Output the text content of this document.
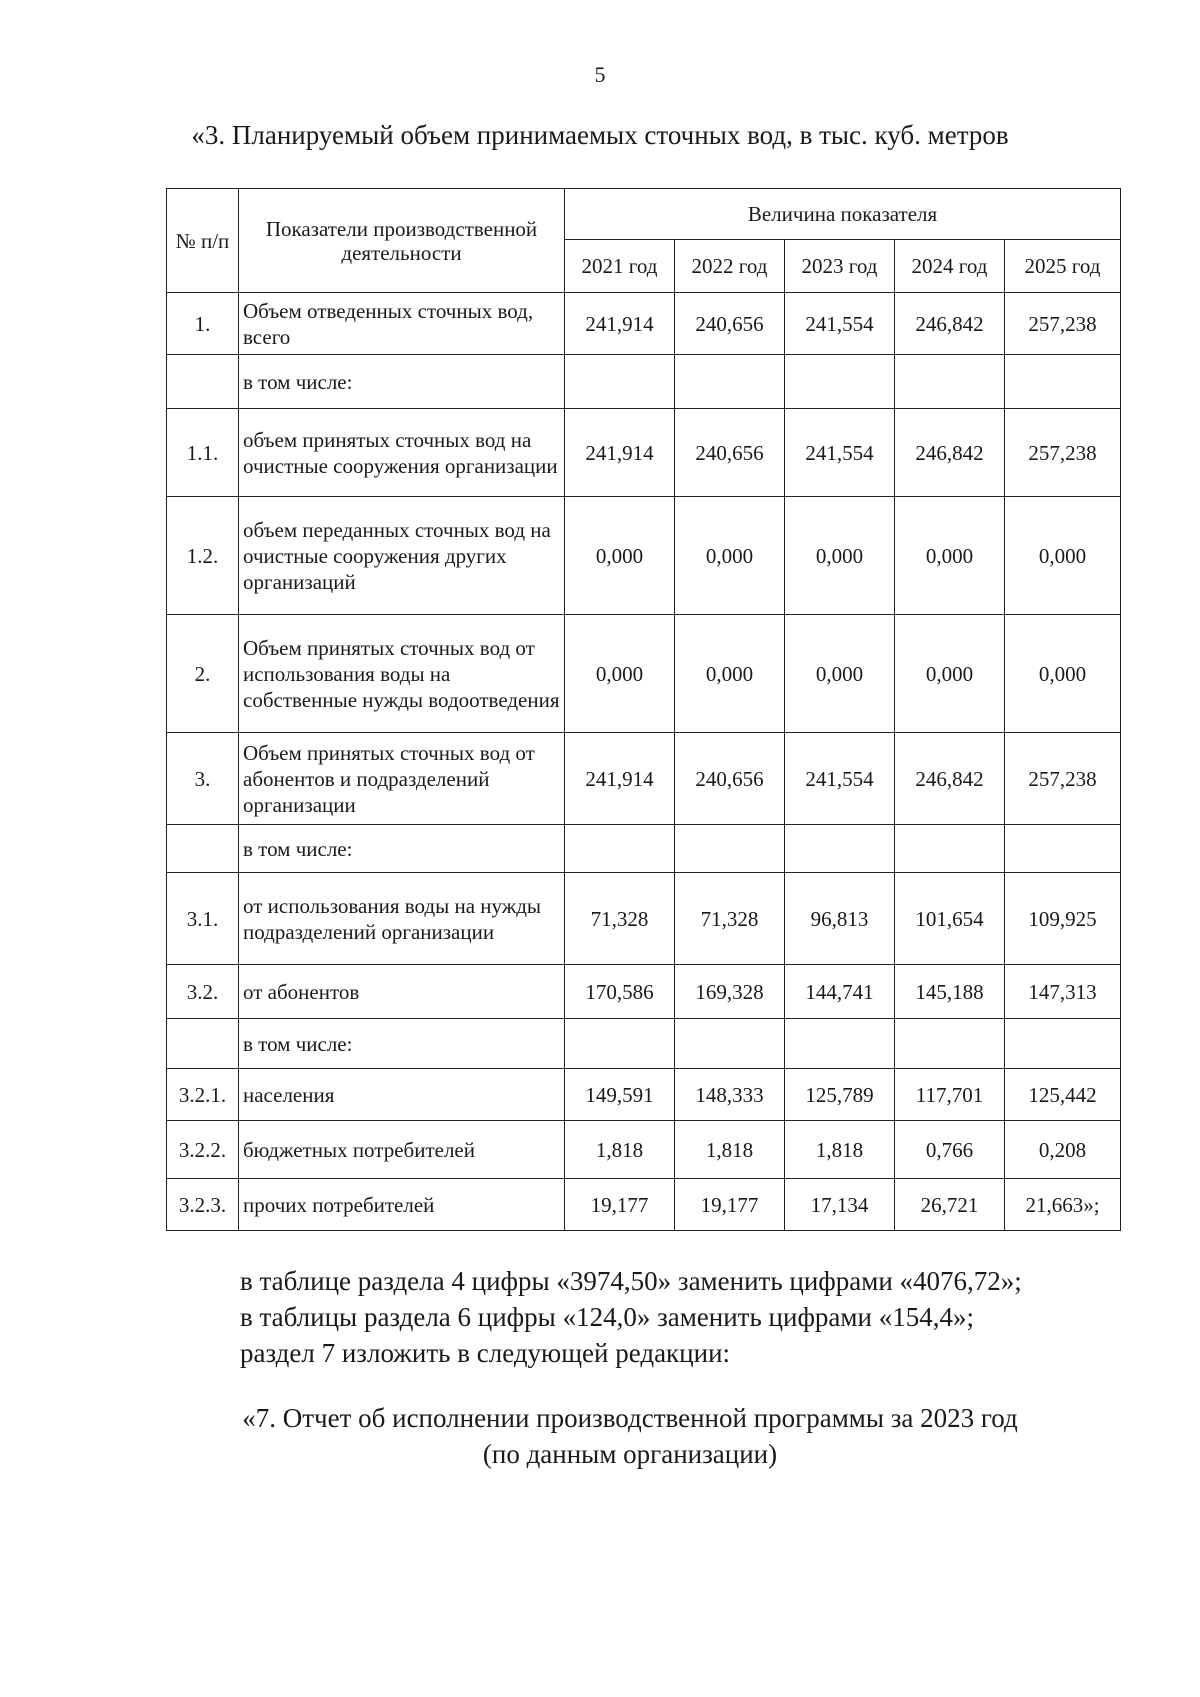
5
«3. Планируемый объем принимаемых сточных вод, в тыс. куб. метров
№ п/п	Показатели производственной деятельности	Величина показателя				
		2021 год	2022 год	2023 год	2024 год	2025 год
1.	Объем отведенных сточных вод, всего	241,914	240,656	241,554	246,842	257,238
	в том числе:					
1.1.	объем принятых сточных вод на очистные сооружения организации	241,914	240,656	241,554	246,842	257,238
1.2.	объем переданных сточных вод на очистные сооружения других организаций	0,000	0,000	0,000	0,000	0,000
2.	Объем принятых сточных вод от использования воды на собственные нужды водоотведения	0,000	0,000	0,000	0,000	0,000
3.	Объем принятых сточных вод от абонентов и подразделений организации	241,914	240,656	241,554	246,842	257,238
	в том числе:					
3.1.	от использования воды на нужды подразделений организации	71,328	71,328	96,813	101,654	109,925
3.2.	от абонентов	170,586	169,328	144,741	145,188	147,313
	в том числе:					
3.2.1.	населения	149,591	148,333	125,789	117,701	125,442
3.2.2.	бюджетных потребителей	1,818	1,818	1,818	0,766	0,208
3.2.3.	прочих потребителей	19,177	19,177	17,134	26,721	21,663»;

в таблице раздела 4 цифры «3974,50» заменить цифрами «4076,72»;

в таблицы раздела 6 цифры «124,0» заменить цифрами «154,4»;

раздел 7 изложить в следующей редакции:

«7. Отчет об исполнении производственной программы за 2023 год

(по данным организации)
